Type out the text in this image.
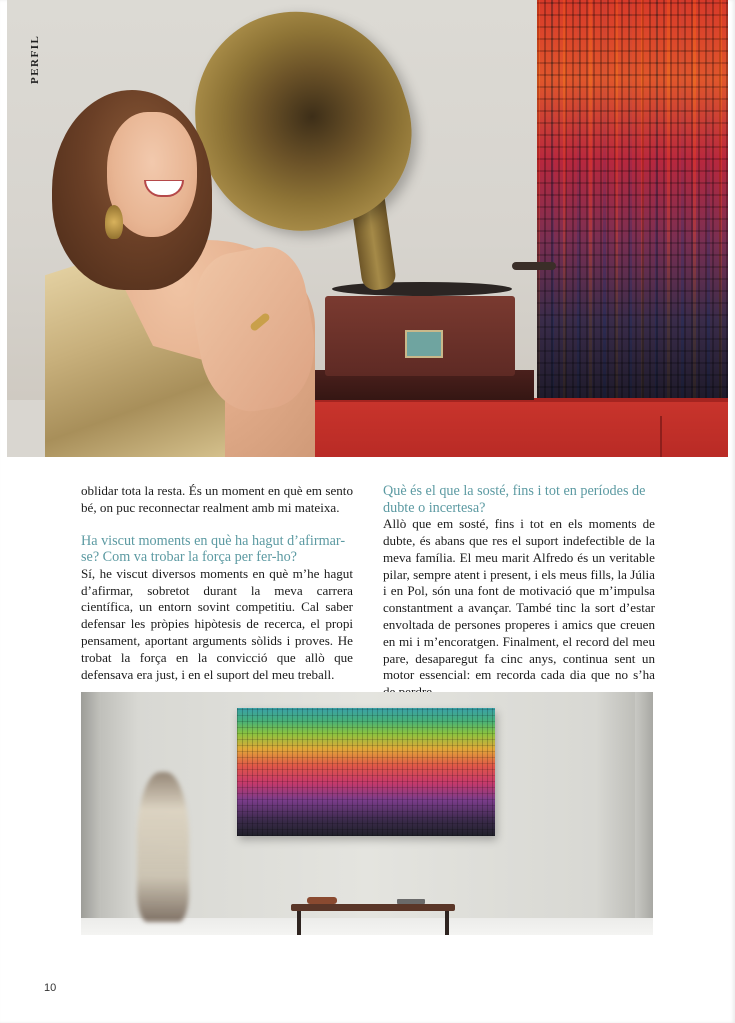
PERFIL

oblidar tota la resta. És un moment en què em sento bé, on puc reconnectar realment amb mi mateixa.

Ha viscut moments en què ha hagut d’afirmar-se? Com va trobar la força per fer-ho?

Sí, he viscut diversos moments en què m’he hagut d’afirmar, sobretot durant la meva carrera científica, un entorn sovint competitiu. Cal saber defensar les pròpies hipòtesis de recerca, el propi pensament, aportant arguments sòlids i proves. He trobat la força en la convicció que allò que defensava era just, i en el suport del meu treball.

Què és el que la sosté, fins i tot en períodes de dubte o incertesa?

Allò que em sosté, fins i tot en els moments de dubte, és abans que res el suport indefectible de la meva família. El meu marit Alfredo és un veritable pilar, sempre atent i present, i els meus fills, la Júlia i en Pol, són una font de motivació que m’impulsa constantment a avançar. També tinc la sort d’estar envoltada de persones properes i amics que creuen en mi i m’encoratgen. Finalment, el record del meu pare, desaparegut fa cinc anys, continua sent un motor essencial: em recorda cada dia que no s’ha

10
